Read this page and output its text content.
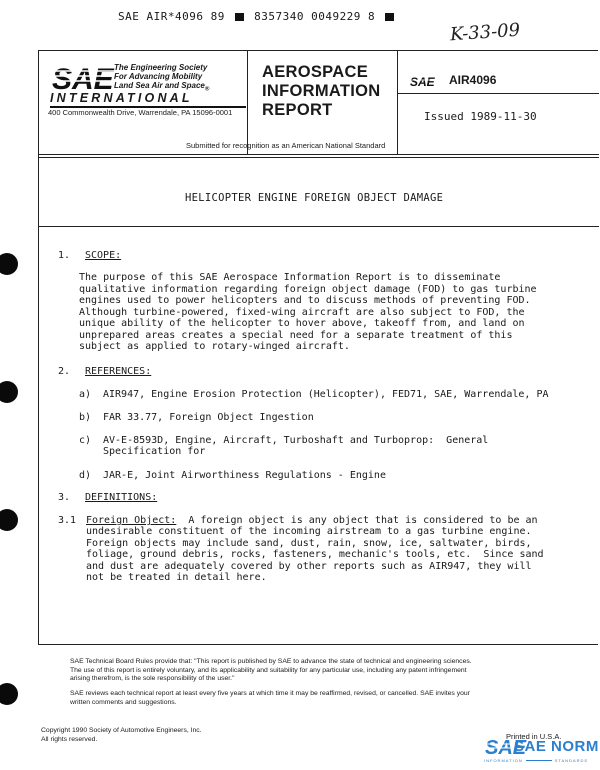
SAE AIR*4096 89	8357340 0049229 8
K-33-09
SAE The Engineering Society
For Advancing Mobility
Land Sea Air and Space$_®$
INTERNATIONAL
400 Commonwealth Drive, Warrendale, PA 15096-0001
AEROSPACE
INFORMATION
REPORT
SAE AIR4096
Issued 1989-11-30
Submitted for recognition as an American National Standard
HELICOPTER ENGINE FOREIGN OBJECT DAMAGE
1. SCOPE:
The purpose of this SAE Aerospace Information Report is to disseminate
qualitative information regarding foreign object damage (FOD) to gas turbine
engines used to power helicopters and to discuss methods of preventing FOD.
Although turbine-powered, fixed-wing aircraft are also subject to FOD, the
unique ability of the helicopter to hover above, takeoff from, and land on
unprepared areas creates a special need for a separate treatment of this
subject as applied to rotary-winged aircraft.
2. REFERENCES:
a) AIR947, Engine Erosion Protection (Helicopter), FED71, SAE, Warrendale, PA
b) FAR 33.77, Foreign Object Ingestion
c) AV-E-8593D, Engine, Aircraft, Turboshaft and Turboprop:  General
Specification for
d) JAR-E, Joint Airworthiness Regulations - Engine
3. DEFINITIONS:
3.1 Foreign Object:  A foreign object is any object that is considered to be an
undesirable constituent of the incoming airstream to a gas turbine engine.
Foreign objects may include sand, dust, rain, snow, ice, saltwater, birds,
foliage, ground debris, rocks, fasteners, mechanic's tools, etc.  Since sand
and dust are adequately covered by other reports such as AIR947, they will
not be treated in detail here.
SAE Technical Board Rules provide that: "This report is published by SAE to advance the state of technical and engineering sciences.
The use of this report is entirely voluntary, and its applicability and suitability for any particular use, including any patent infringement
arising therefrom, is the sole responsibility of the user."
SAE reviews each technical report at least every five years at which time it may be reaffirmed, revised, or cancelled. SAE invites your
written comments and suggestions.
Copyright 1990 Society of Automotive Engineers, Inc.
All rights reserved.	Printed in U.S.A.
SAE
SAE NORM
INFORMATION	STANDARDS
